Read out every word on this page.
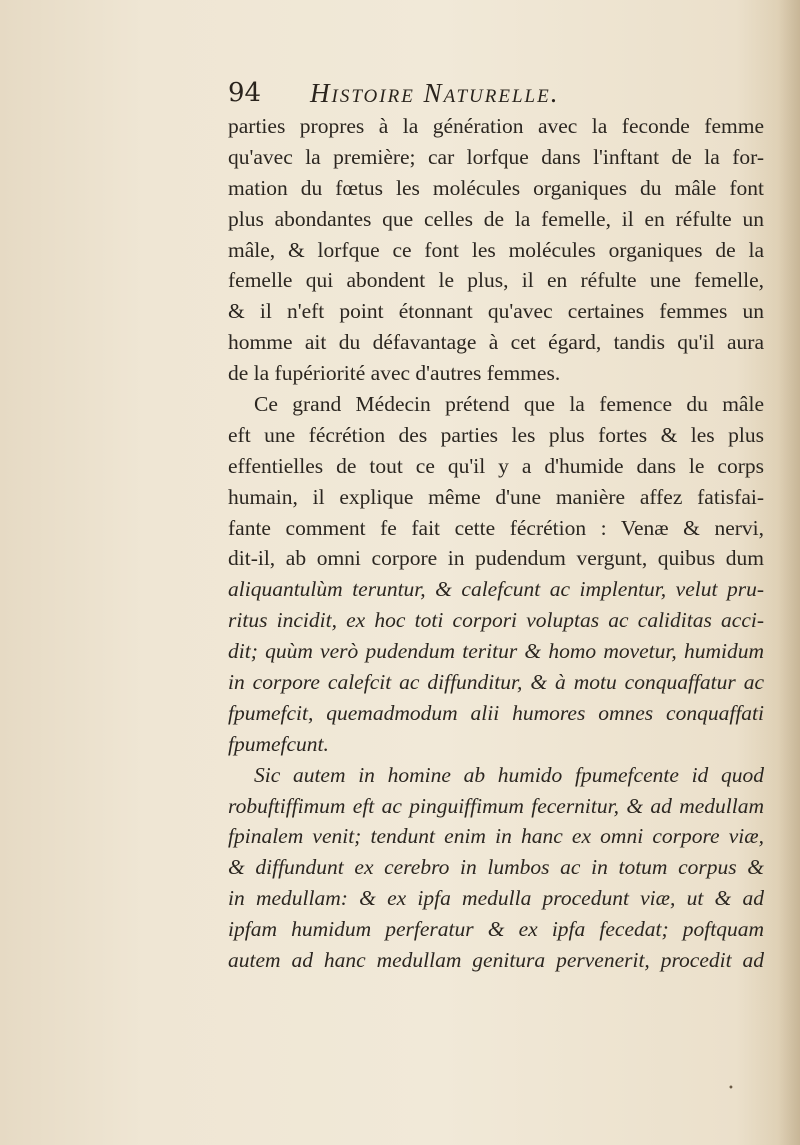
94 Histoire Naturelle.
parties propres à la génération avec la feconde femme
qu'avec la première; car lorfque dans l'inftant de la for-
mation du fœtus les molécules organiques du mâle font
plus abondantes que celles de la femelle, il en réfulte un
mâle, & lorfque ce font les molécules organiques de la
femelle qui abondent le plus, il en réfulte une femelle,
& il n'eft point étonnant qu'avec certaines femmes un
homme ait du défavantage à cet égard, tandis qu'il aura
de la fupériorité avec d'autres femmes.
Ce grand Médecin prétend que la femence du mâle
eft une fécrétion des parties les plus fortes & les plus
effentielles de tout ce qu'il y a d'humide dans le corps
humain, il explique même d'une manière affez fatisfai-
fante comment fe fait cette fécrétion : Venæ & nervi,
dit-il, ab omni corpore in pudendum vergunt, quibus dum
aliquantulùm teruntur, & calefcunt ac implentur, velut pru-
ritus incidit, ex hoc toti corpori voluptas ac caliditas acci-
dit; quùm verò pudendum teritur & homo movetur, humidum
in corpore calefcit ac diffunditur, & à motu conquaffatur ac
fpumefcit, quemadmodum alii humores omnes conquaffati
fpumefcunt.
Sic autem in homine ab humido fpumefcente id quod
robuftiffimum eft ac pinguiffimum fecernitur, & ad medullam
fpinalem venit; tendunt enim in hanc ex omni corpore viæ,
& diffundunt ex cerebro in lumbos ac in totum corpus &
in medullam: & ex ipfa medulla procedunt viæ, ut & ad
ipfam humidum perferatur & ex ipfa fecedat; poftquam
autem ad hanc medullam genitura pervenerit, procedit ad
•
